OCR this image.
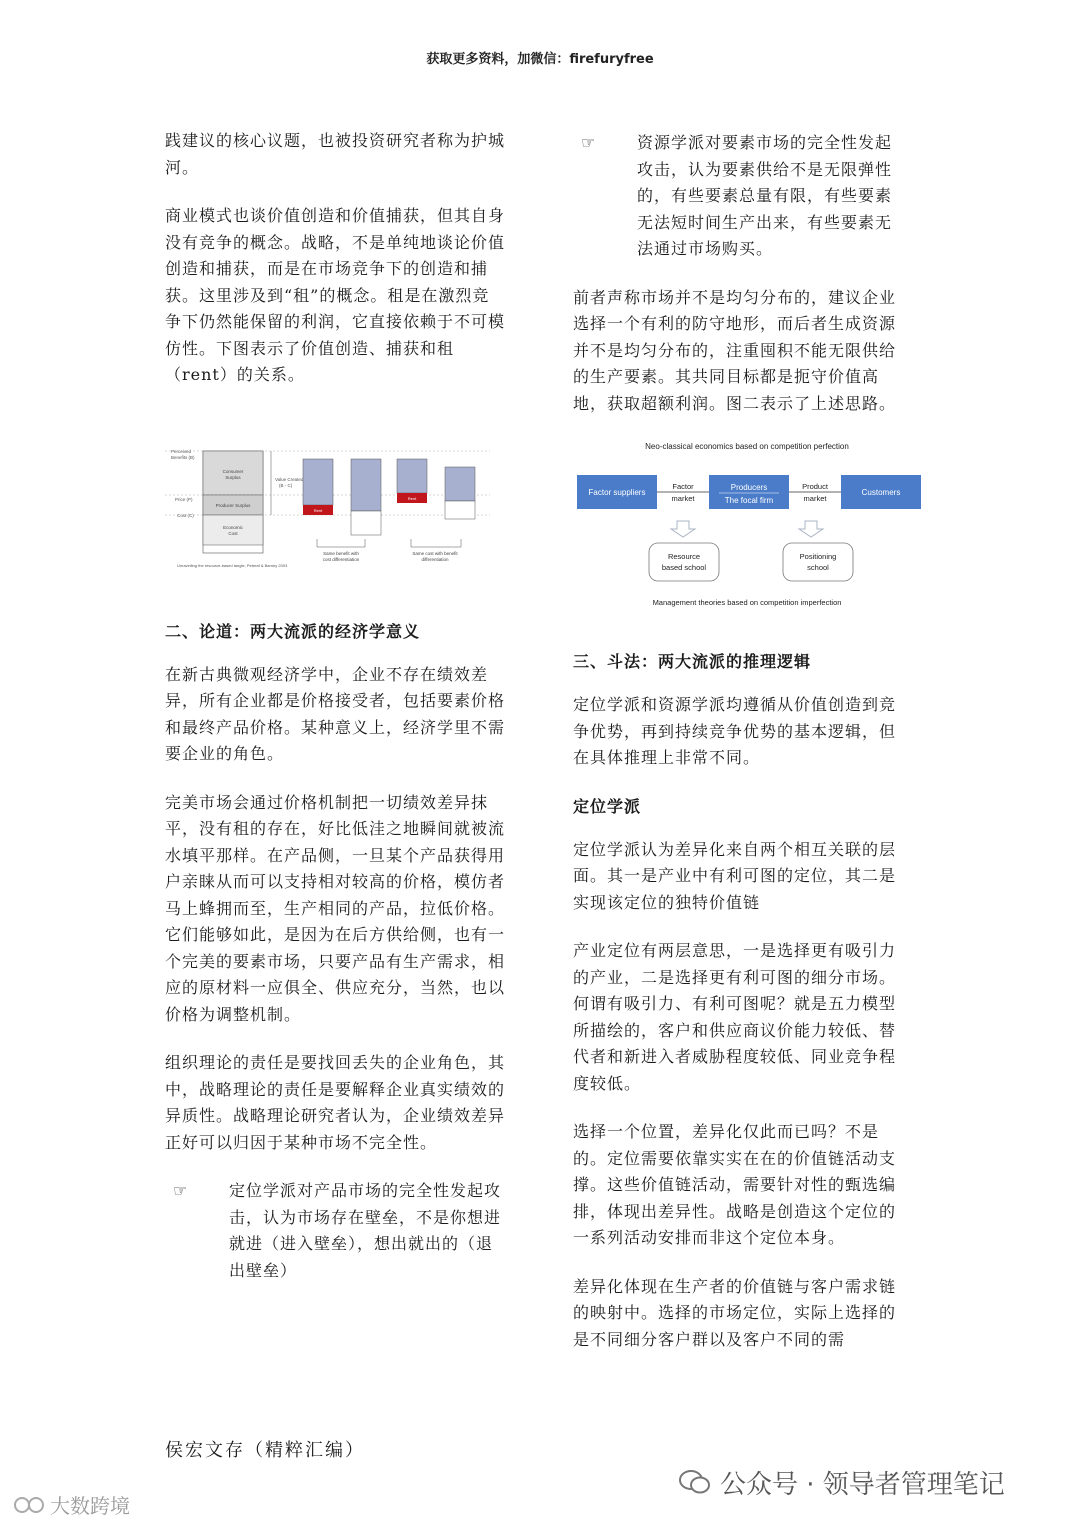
获取更多资料，加微信：firefuryfree

践建议的核心议题，也被投资研究者称为护城河。

商业模式也谈价值创造和价值捕获，但其自身没有竞争的概念。战略，不是单纯地谈论价值创造和捕获，而是在市场竞争下的创造和捕获。这里涉及到“租”的概念。租是在激烈竞争下仍然能保留的利润，它直接依赖于不可模仿性。下图表示了价值创造、捕获和租（rent）的关系。

Perceived
Benefits (B)
Price (P)
Cost (C)
Consumer
Surplus
Producer Surplus
Economic
Cost
Value Created
(B - C)
Rent
Rent
Same benefit with
cost differentiation
Same cost with benefit
differentiation
Unravelling the resource-based tangle, Peteraf & Barney 2003
二、论道：两大流派的经济学意义

在新古典微观经济学中，企业不存在绩效差异，所有企业都是价格接受者，包括要素价格和最终产品价格。某种意义上，经济学里不需要企业的角色。

完美市场会通过价格机制把一切绩效差异抹平，没有租的存在，好比低洼之地瞬间就被流水填平那样。在产品侧，一旦某个产品获得用户亲睐从而可以支持相对较高的价格，模仿者马上蜂拥而至，生产相同的产品，拉低价格。它们能够如此，是因为在后方供给侧，也有一个完美的要素市场，只要产品有生产需求，相应的原材料一应俱全、供应充分，当然，也以价格为调整机制。

组织理论的责任是要找回丢失的企业角色，其中，战略理论的责任是要解释企业真实绩效的异质性。战略理论研究者认为，企业绩效差异正好可以归因于某种市场不完全性。

☞	定位学派对产品市场的完全性发起攻击，认为市场存在壁垒，不是你想进就进（进入壁垒），想出就出的（退出壁垒）

☞	资源学派对要素市场的完全性发起攻击，认为要素供给不是无限弹性的，有些要素总量有限，有些要素无法短时间生产出来，有些要素无法通过市场购买。

前者声称市场并不是均匀分布的，建议企业选择一个有利的防守地形，而后者生成资源并不是均匀分布的，注重囤积不能无限供给的生产要素。其共同目标都是扼守价值高地，获取超额利润。图二表示了上述思路。

Neo-classical economics based on competition perfection
Factor suppliers
Factor
market
Producers
The focal firm
Product
market
Customers
Resource
based school
Positioning
school
Management theories based on competition imperfection
三、斗法：两大流派的推理逻辑

定位学派和资源学派均遵循从价值创造到竞争优势，再到持续竞争优势的基本逻辑，但在具体推理上非常不同。

定位学派

定位学派认为差异化来自两个相互关联的层面。其一是产业中有利可图的定位，其二是实现该定位的独特价值链

产业定位有两层意思，一是选择更有吸引力的产业，二是选择更有利可图的细分市场。何谓有吸引力、有利可图呢？就是五力模型所描绘的，客户和供应商议价能力较低、替代者和新进入者威胁程度较低、同业竞争程度较低。

选择一个位置，差异化仅此而已吗？不是的。定位需要依靠实实在在的价值链活动支撑。这些价值链活动，需要针对性的甄选编排，体现出差异性。战略是创造这个定位的一系列活动安排而非这个定位本身。

差异化体现在生产者的价值链与客户需求链的映射中。选择的市场定位，实际上选择的是不同细分客户群以及客户不同的需

侯宏文存（精粹汇编）
公众号 · 领导者管理笔记
大数跨境
